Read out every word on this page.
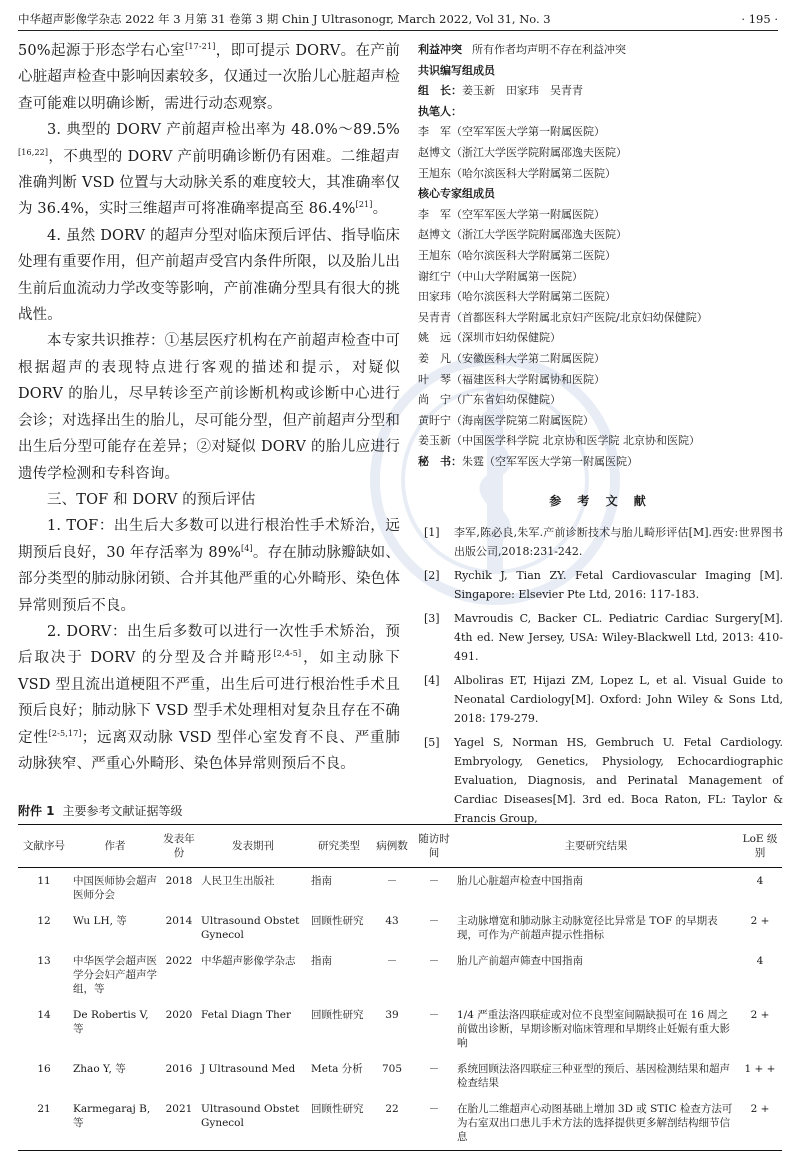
中华超声影像学杂志 2022 年 3 月第 31 卷第 3 期 Chin J Ultrasonogr, March 2022, Vol 31, No. 3	· 195 ·

50%起源于形态学右心室[17-21]，即可提示 DORV。在产前心脏超声检查中影响因素较多，仅通过一次胎儿心脏超声检查可能难以明确诊断，需进行动态观察。

3. 典型的 DORV 产前超声检出率为 48.0%～89.5%[16,22]，不典型的 DORV 产前明确诊断仍有困难。二维超声准确判断 VSD 位置与大动脉关系的难度较大，其准确率仅为 36.4%，实时三维超声可将准确率提高至 86.4%[21]。

4. 虽然 DORV 的超声分型对临床预后评估、指导临床处理有重要作用，但产前超声受宫内条件所限，以及胎儿出生前后血流动力学改变等影响，产前准确分型具有很大的挑战性。

本专家共识推荐：①基层医疗机构在产前超声检查中可根据超声的表现特点进行客观的描述和提示，对疑似 DORV 的胎儿，尽早转诊至产前诊断机构或诊断中心进行会诊；对选择出生的胎儿，尽可能分型，但产前超声分型和出生后分型可能存在差异；②对疑似 DORV 的胎儿应进行遗传学检测和专科咨询。

三、TOF 和 DORV 的预后评估

1. TOF：出生后大多数可以进行根治性手术矫治，远期预后良好，30 年存活率为 89%[4]。存在肺动脉瓣缺如、部分类型的肺动脉闭锁、合并其他严重的心外畸形、染色体异常则预后不良。

2. DORV：出生后多数可以进行一次性手术矫治，预后取决于 DORV 的分型及合并畸形[2,4-5]，如主动脉下 VSD 型且流出道梗阻不严重，出生后可进行根治性手术且预后良好；肺动脉下 VSD 型手术处理相对复杂且存在不确定性[2-5,17]；远离双动脉 VSD 型伴心室发育不良、严重肺动脉狭窄、严重心外畸形、染色体异常则预后不良。

利益冲突 所有作者均声明不存在利益冲突
共识编写组成员
组　长：姜玉新　田家玮　吴青青
执笔人：
李　军（空军军医大学第一附属医院）
赵博文（浙江大学医学院附属邵逸夫医院）
王旭东（哈尔滨医科大学附属第二医院）
核心专家组成员
李　军（空军军医大学第一附属医院）
赵博文（浙江大学医学院附属邵逸夫医院）
王旭东（哈尔滨医科大学附属第二医院）
谢红宁（中山大学附属第一医院）
田家玮（哈尔滨医科大学附属第二医院）
吴青青（首都医科大学附属北京妇产医院/北京妇幼保健院）
姚　远（深圳市妇幼保健院）
姜　凡（安徽医科大学第二附属医院）
叶　琴（福建医科大学附属协和医院）
尚　宁（广东省妇幼保健院）
黄盱宁（海南医学院第二附属医院）
姜玉新（中国医学科学院 北京协和医学院 北京协和医院）
秘　书：朱霆（空军军医大学第一附属医院）
参 考 文 献
[1] 李军,陈必良,朱军.产前诊断技术与胎儿畸形评估[M].西安:世界图书出版公司,2018:231-242.
[2] Rychik J, Tian ZY. Fetal Cardiovascular Imaging [M]. Singapore: Elsevier Pte Ltd, 2016: 117-183.
[3] Mavroudis C, Backer CL. Pediatric Cardiac Surgery[M]. 4th ed. New Jersey, USA: Wiley-Blackwell Ltd, 2013: 410-491.
[4] Alboliras ET, Hijazi ZM, Lopez L, et al. Visual Guide to Neonatal Cardiology[M]. Oxford: John Wiley & Sons Ltd, 2018: 179-279.
[5] Yagel S, Norman HS, Gembruch U. Fetal Cardiology. Embryology, Genetics, Physiology, Echocardiographic Evaluation, Diagnosis, and Perinatal Management of Cardiac Diseases[M]. 3rd ed. Boca Raton, FL: Taylor & Francis Group,
附件 1 主要参考文献证据等级
文献序号	作者	发表年份	发表期刊	研究类型	病例数	随访时间	主要研究结果	LoE 级别
11	中国医师协会超声医师分会	2018	人民卫生出版社	指南	－	－	胎儿心脏超声检查中国指南	4
12	Wu LH, 等	2014	Ultrasound Obstet Gynecol	回顾性研究	43	－	主动脉增宽和肺动脉主动脉宽径比异常是 TOF 的早期表现，可作为产前超声提示性指标	2 +
13	中华医学会超声医学分会妇产超声学组，等	2022	中华超声影像学杂志	指南	－	－	胎儿产前超声筛查中国指南	4
14	De Robertis V, 等	2020	Fetal Diagn Ther	回顾性研究	39	－	1/4 严重法洛四联症或对位不良型室间隔缺损可在 16 周之前做出诊断，早期诊断对临床管理和早期终止妊娠有重大影响	2 +
16	Zhao Y, 等	2016	J Ultrasound Med	Meta 分析	705	－	系统回顾法洛四联症三种亚型的预后、基因检测结果和超声检查结果	1 + +
21	Karmegaraj B, 等	2021	Ultrasound Obstet Gynecol	回顾性研究	22	－	在胎儿二维超声心动图基础上增加 3D 或 STIC 检查方法可为右室双出口患儿手术方法的选择提供更多解剖结构细节信息	2 +
